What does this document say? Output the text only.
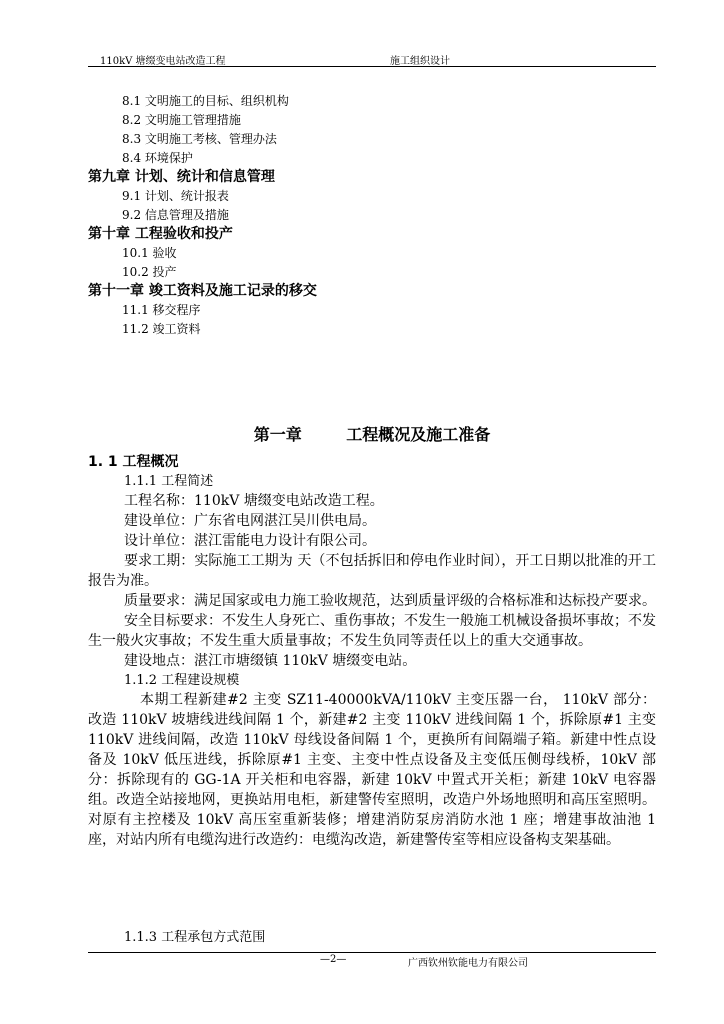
110kV 塘缀变电站改造工程	施工组织设计
8.1 文明施工的目标、组织机构
8.2 文明施工管理措施
8.3 文明施工考核、管理办法
8.4 环境保护
第九章 计划、统计和信息管理
9.1 计划、统计报表
9.2 信息管理及措施
第十章 工程验收和投产
10.1 验收
10.2 投产
第十一章 竣工资料及施工记录的移交
11.1 移交程序
11.2 竣工资料
第一章        工程概况及施工准备
1. 1 工程概况
1.1.1 工程简述

工程名称：110kV 塘缀变电站改造工程。

建设单位：广东省电网湛江吴川供电局。

设计单位：湛江雷能电力设计有限公司。

要求工期：实际施工工期为 天（不包括拆旧和停电作业时间），开工日期以批准的开工报告为准。

质量要求：满足国家或电力施工验收规范，达到质量评级的合格标准和达标投产要求。

安全目标要求：不发生人身死亡、重伤事故；不发生一般施工机械设备损坏事故；不发生一般火灾事故；不发生重大质量事故；不发生负同等责任以上的重大交通事故。

建设地点：湛江市塘缀镇 110kV 塘缀变电站。

1.1.2 工程建设规模

本期工程新建#2 主变 SZ11-40000kVA/110kV 主变压器一台， 110kV 部分：改造 110kV 坡塘线进线间隔 1 个，新建#2 主变 110kV 进线间隔 1 个，拆除原#1 主变 110kV 进线间隔，改造 110kV 母线设备间隔 1 个，更换所有间隔端子箱。新建中性点设备及 10kV 低压进线，拆除原#1 主变、主变中性点设备及主变低压侧母线桥，10kV 部分：拆除现有的 GG-1A 开关柜和电容器，新建 10kV 中置式开关柜；新建 10kV 电容器组。改造全站接地网，更换站用电柜，新建警传室照明，改造户外场地照明和高压室照明。对原有主控楼及 10kV 高压室重新装修；增建消防泵房消防水池 1 座；增建事故油池 1 座，对站内所有电缆沟进行改造约：电缆沟改造，新建警传室等相应设备构支架基础。

1.1.3 工程承包方式范围
—2—	广西钦州钦能电力有限公司
